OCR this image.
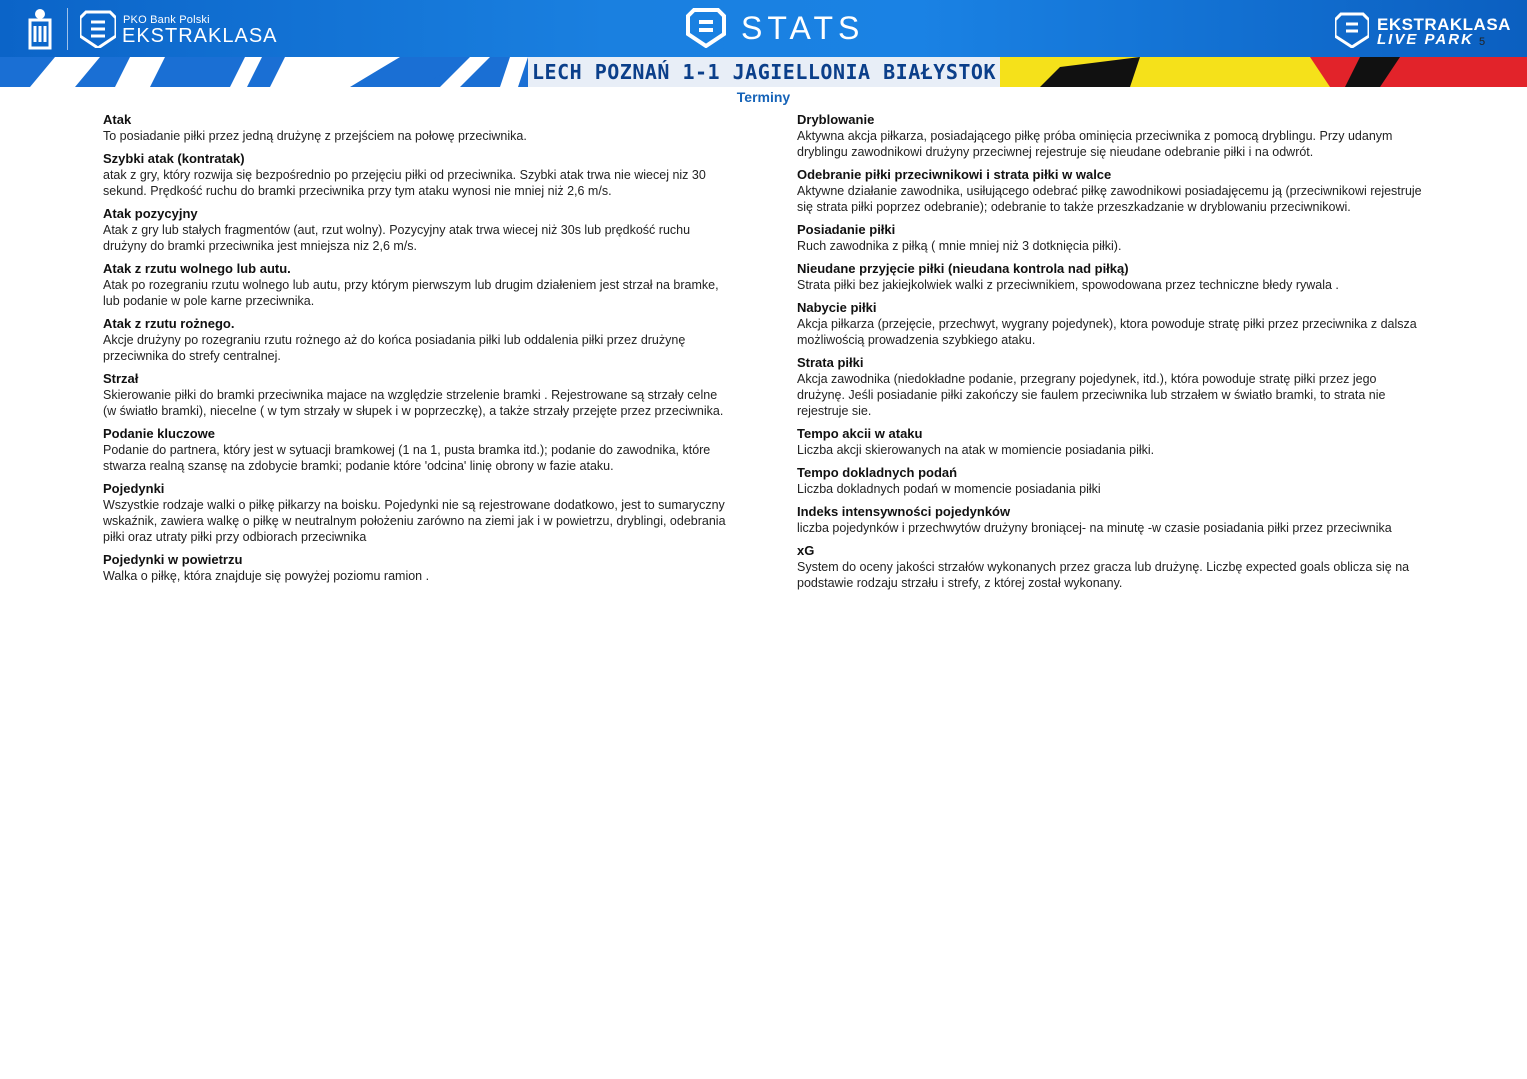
PKO Bank Polski
EKSTRAKLASA	STATS	EKSTRAKLASA
LIVE PARK 5
LECH POZNAŃ 1-1 JAGIELLONIA BIAŁYSTOK
Terminy
Atak
To posiadanie piłki przez jedną drużynę z przejściem na połowę przeciwnika.
Szybki atak (kontratak)
atak z gry, który rozwija się bezpośrednio po przejęciu piłki od przeciwnika. Szybki atak trwa nie wiecej niz 30 sekund. Prędkość ruchu do bramki przeciwnika przy tym ataku wynosi nie mniej niż 2,6 m/s.
Atak pozycyjny
Atak z gry lub stałych fragmentów (aut, rzut wolny). Pozycyjny atak trwa wiecej niż 30s lub prędkość ruchu drużyny do bramki przeciwnika jest mniejsza niz 2,6 m/s.
Atak z rzutu wolnego lub autu.
Atak po rozegraniu rzutu wolnego lub autu, przy którym pierwszym lub drugim działeniem jest strzał na bramke, lub podanie w pole karne przeciwnika.
Atak z rzutu rożnego.
Akcje drużyny po rozegraniu rzutu rożnego aż do końca posiadania piłki lub oddalenia piłki przez drużynę przeciwnika do strefy centralnej.
Strzał
Skierowanie piłki do bramki przeciwnika majace na względzie strzelenie bramki . Rejestrowane są strzały celne (w światło bramki), niecelne ( w tym strzały w słupek i w poprzeczkę), a także strzały przejęte przez przeciwnika.
Podanie kluczowe
Podanie do partnera, który jest w sytuacji bramkowej (1 na 1, pusta bramka itd.); podanie do zawodnika, które stwarza realną szansę na zdobycie bramki; podanie które 'odcina' linię obrony w fazie ataku.
Pojedynki
Wszystkie rodzaje walki o piłkę piłkarzy na boisku. Pojedynki nie są rejestrowane dodatkowo, jest to sumaryczny wskaźnik, zawiera walkę o piłkę w neutralnym położeniu zarówno na ziemi jak i w powietrzu, dryblingi, odebrania piłki oraz utraty piłki przy odbiorach przeciwnika
Pojedynki w powietrzu
Walka o piłkę, która znajduje się powyżej poziomu ramion .
Dryblowanie
Aktywna akcja piłkarza, posiadającego piłkę próba ominięcia przeciwnika z pomocą dryblingu. Przy udanym dryblingu zawodnikowi drużyny przeciwnej rejestruje się nieudane odebranie piłki i na odwrót.
Odebranie piłki przeciwnikowi i strata piłki w walce
Aktywne działanie zawodnika, usiłującego odebrać piłkę zawodnikowi posiadajęcemu ją (przeciwnikowi rejestruje się strata piłki poprzez odebranie); odebranie to także przeszkadzanie w dryblowaniu przeciwnikowi.
Posiadanie piłki
Ruch zawodnika z piłką ( mnie mniej niż 3 dotknięcia piłki).
Nieudane przyjęcie piłki (nieudana kontrola nad piłką)
Strata piłki bez jakiejkolwiek walki z przeciwnikiem, spowodowana przez techniczne błedy rywala .
Nabycie piłki
Akcja piłkarza (przejęcie, przechwyt, wygrany pojedynek), ktora powoduje stratę piłki przez przeciwnika z dalsza możliwością prowadzenia szybkiego ataku.
Strata piłki
Akcja zawodnika (niedokładne podanie, przegrany pojedynek, itd.), która powoduje stratę piłki przez jego drużynę. Jeśli posiadanie piłki zakończy sie faulem przeciwnika lub strzałem w światło bramki, to strata nie rejestruje sie.
Tempo akcii w ataku
Liczba akcji skierowanych na atak w momiencie posiadania piłki.
Tempo dokladnych podań
Liczba dokladnych podań w momencie posiadania piłki
Indeks intensywności pojedynków
liczba pojedynków i przechwytów drużyny broniącej- na minutę -w czasie posiadania piłki przez przeciwnika
xG
System do oceny jakości strzałów wykonanych przez gracza lub drużynę. Liczbę expected goals oblicza się na podstawie rodzaju strzału i strefy, z której został wykonany.
